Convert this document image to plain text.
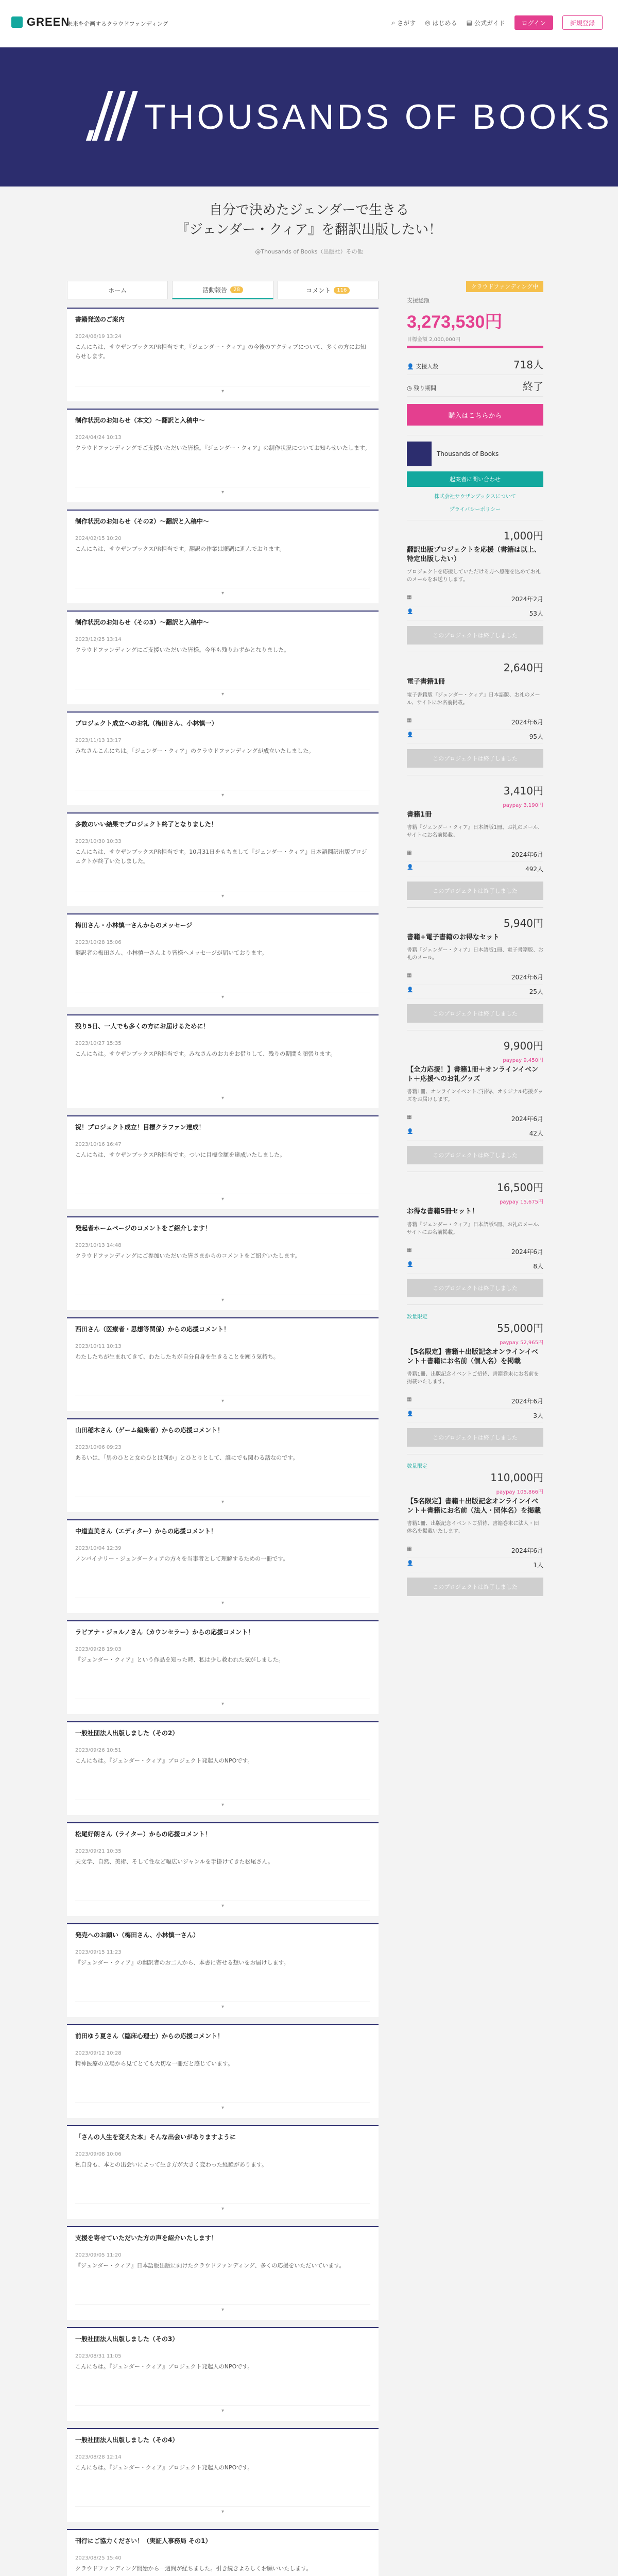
GREEN
未来を企画するクラウドファンディング	⌕ さがす ◎ はじめる ▤ 公式ガイド	ログイン	新規登録
THOUSANDS OF BOOKS
自分で決めたジェンダーで生きる
『ジェンダー・クィア』を翻訳出版したい！
@Thousands of Books（出版社）その他
ホーム	活動報告	28	コメント	116
書籍発送のご案内
2024/06/19 13:24
こんにちは、サウザンブックスPR担当です。『ジェンダー・クィア』の今後のアクティブについて、多くの方にお知らせします。
▾
制作状況のお知らせ（本文）〜翻訳と入稿中〜
2024/04/24 10:13
クラウドファンディングでご支援いただいた皆様。『ジェンダー・クィア』の制作状況についてお知らせいたします。
▾
制作状況のお知らせ（その2）〜翻訳と入稿中〜
2024/02/15 10:20
こんにちは、サウザンブックスPR担当です。翻訳の作業は順調に進んでおります。
▾
制作状況のお知らせ（その3）〜翻訳と入稿中〜
2023/12/25 13:14
クラウドファンディングにご支援いただいた皆様。今年も残りわずかとなりました。
▾
プロジェクト成立へのお礼（梅田さん、小林慎一）
2023/11/13 13:17
みなさんこんにちは。「ジェンダー・クィア」のクラウドファンディングが成立いたしました。
▾
多数のいい結果でプロジェクト終了となりました！
2023/10/30 10:33
こんにちは、サウザンブックスPR担当です。10月31日をもちまして『ジェンダー・クィア』日本語翻訳出版プロジェクトが終了いたしました。
▾
梅田さん・小林慎一さんからのメッセージ
2023/10/28 15:06
翻訳者の梅田さん、小林慎一さんより皆様へメッセージが届いております。
▾
残り5日、一人でも多くの方にお届けるために！
2023/10/27 15:35
こんにちは。サウザンブックスPR担当です。みなさんのお力をお借りして、残りの期間も頑張ります。
▾
祝！プロジェクト成立！目標クラファン達成！
2023/10/16 16:47
こんにちは、サウザンブックスPR担当です。ついに目標金額を達成いたしました。
▾
発起者ホームページのコメントをご紹介します！
2023/10/13 14:48
クラウドファンディングにご参加いただいた皆さまからのコメントをご紹介いたします。
▾
西田さん（医療者・思想等関係）からの応援コメント！
2023/10/11 10:13
わたしたちが生まれてきて、わたしたちが自分自身を生きることを願う気持ち。
▾
山田稲木さん（ゲーム編集者）からの応援コメント！
2023/10/06 09:23
あるいは、「男のひとと女のひとは何か」とひとりとして、誰にでも関わる話なのです。
▾
中道直美さん（エディター）からの応援コメント！
2023/10/04 12:39
ノンバイナリー・ジェンダークィアの方々を当事者として理解するための一冊です。
▾
ラビアナ・ジョルノさん（カウンセラー）からの応援コメント！
2023/09/28 19:03
『ジェンダー・クィア』という作品を知った時、私は少し救われた気がしました。
▾
一般社団法人出版しました（その2）
2023/09/26 10:51
こんにちは。『ジェンダー・クィア』プロジェクト発起人のNPOです。
▾
松尾好朗さん（ライター）からの応援コメント！
2023/09/21 10:35
天文学、自然、美術、そして性など幅広いジャンルを手掛けてきた松尾さん。
▾
発売へのお願い（梅田さん、小林慎一さん）
2023/09/15 11:23
『ジェンダー・クィア』の翻訳者のお二人から、本書に寄せる想いをお届けします。
▾
前田ゆう夏さん（臨床心理士）からの応援コメント！
2023/09/12 10:28
精神医療の立場から見てとても大切な一冊だと感じています。
▾
「さんの人生を変えた本」そんな出会いがありますように
2023/09/08 10:06
私自身も、本との出会いによって生き方が大きく変わった経験があります。
▾
支援を寄せていただいた方の声を紹介いたします！
2023/09/05 11:20
『ジェンダー・クィア』日本語版出版に向けたクラウドファンディング、多くの応援をいただいています。
▾
一般社団法人出版しました（その3）
2023/08/31 11:05
こんにちは。『ジェンダー・クィア』プロジェクト発起人のNPOです。
▾
一般社団法人出版しました（その4）
2023/08/28 12:14
こんにちは。『ジェンダー・クィア』プロジェクト発起人のNPOです。
▾
刊行にご協力ください！（実証人事務局 その1）
2023/08/25 15:40
クラウドファンディング開始から一週間が経ちました。引き続きよろしくお願いいたします。
クラウドファンディング中
支援総額
3,273,530円
目標金額 2,000,000円
👤 支援人数	718人
◷ 残り期間	終了
購入はこちらから
Thousands of Books
起案者に問い合わせ
株式会社サウザンブックスについて
プライバシーポリシー
1,000円
翻訳出版プロジェクトを応援（書籍は以上、特定出版したい）
プロジェクトを応援していただける方へ感謝を込めてお礼のメールをお送りします。
▦	2024年2月
👤	53人
このプロジェクトは終了しました
2,640円
電子書籍1冊
電子書籍版『ジェンダー・クィア』日本語版、お礼のメール、サイトにお名前掲載。
▦	2024年6月
👤	95人
このプロジェクトは終了しました
3,410円
paypay 3,190円
書籍1冊
書籍『ジェンダー・クィア』日本語版1冊、お礼のメール、サイトにお名前掲載。
▦	2024年6月
👤	492人
このプロジェクトは終了しました
5,940円
書籍+電子書籍のお得なセット
書籍『ジェンダー・クィア』日本語版1冊、電子書籍版、お礼のメール。
▦	2024年6月
👤	25人
このプロジェクトは終了しました
9,900円
paypay 9,450円
【全力応援！】書籍1冊＋オンラインイベント＋応援へのお礼グッズ
書籍1冊、オンラインイベントご招待、オリジナル応援グッズをお届けします。
▦	2024年6月
👤	42人
このプロジェクトは終了しました
16,500円
paypay 15,675円
お得な書籍5冊セット！
書籍『ジェンダー・クィア』日本語版5冊、お礼のメール、サイトにお名前掲載。
▦	2024年6月
👤	8人
このプロジェクトは終了しました
数量限定
55,000円
paypay 52,965円
【5名限定】書籍＋出版記念オンラインイベント＋書籍にお名前（個人名）を掲載
書籍1冊、出版記念イベントご招待、書籍巻末にお名前を掲載いたします。
▦	2024年6月
👤	3人
このプロジェクトは終了しました
数量限定
110,000円
paypay 105,866円
【5名限定】書籍＋出版記念オンラインイベント＋書籍にお名前（法人・団体名）を掲載
書籍1冊、出版記念イベントご招待、書籍巻末に法人・団体名を掲載いたします。
▦	2024年6月
👤	1人
このプロジェクトは終了しました
